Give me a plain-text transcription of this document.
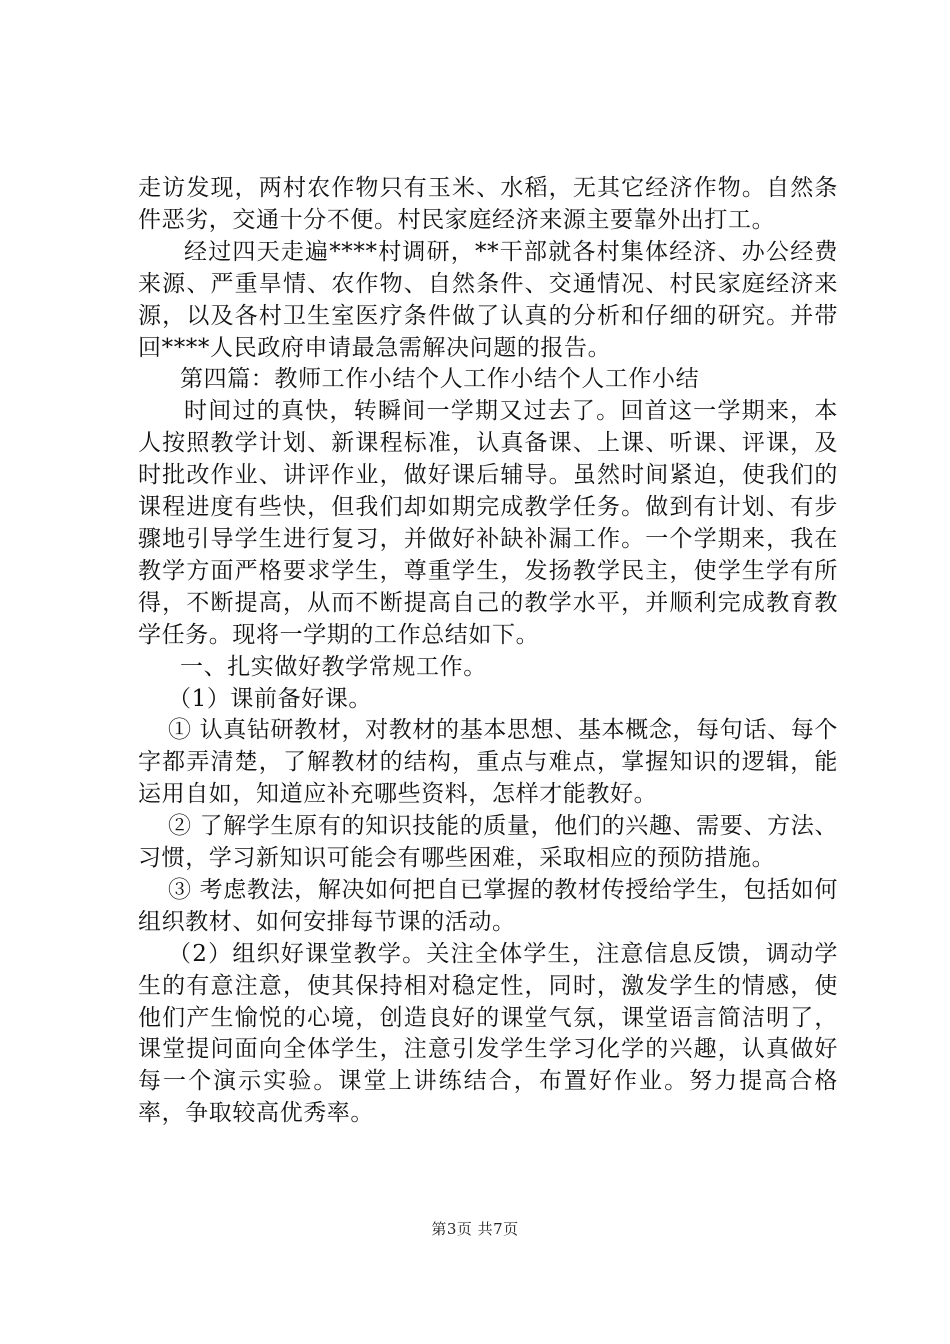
走访发现，两村农作物只有玉米、水稻，无其它经济作物。自然条件恶劣，交通十分不便。村民家庭经济来源主要靠外出打工。

经过四天走遍****村调研，**干部就各村集体经济、办公经费来源、严重旱情、农作物、自然条件、交通情况、村民家庭经济来源，以及各村卫生室医疗条件做了认真的分析和仔细的研究。并带回****人民政府申请最急需解决问题的报告。

第四篇：教师工作小结个人工作小结个人工作小结

时间过的真快，转瞬间一学期又过去了。回首这一学期来，本人按照教学计划、新课程标准，认真备课、上课、听课、评课，及时批改作业、讲评作业，做好课后辅导。虽然时间紧迫，使我们的课程进度有些快，但我们却如期完成教学任务。做到有计划、有步骤地引导学生进行复习，并做好补缺补漏工作。一个学期来，我在教学方面严格要求学生，尊重学生，发扬教学民主，使学生学有所得，不断提高，从而不断提高自己的教学水平，并顺利完成教育教学任务。现将一学期的工作总结如下。

一、扎实做好教学常规工作。

（1）课前备好课。

① 认真钻研教材，对教材的基本思想、基本概念，每句话、每个字都弄清楚，了解教材的结构，重点与难点，掌握知识的逻辑，能运用自如，知道应补充哪些资料，怎样才能教好。

② 了解学生原有的知识技能的质量，他们的兴趣、需要、方法、习惯，学习新知识可能会有哪些困难，采取相应的预防措施。

③ 考虑教法，解决如何把自已掌握的教材传授给学生，包括如何组织教材、如何安排每节课的活动。

（2）组织好课堂教学。关注全体学生，注意信息反馈，调动学生的有意注意，使其保持相对稳定性，同时，激发学生的情感，使他们产生愉悦的心境，创造良好的课堂气氛，课堂语言简洁明了，课堂提问面向全体学生，注意引发学生学习化学的兴趣，认真做好每一个演示实验。课堂上讲练结合，布置好作业。努力提高合格率，争取较高优秀率。

第3页 共7页
